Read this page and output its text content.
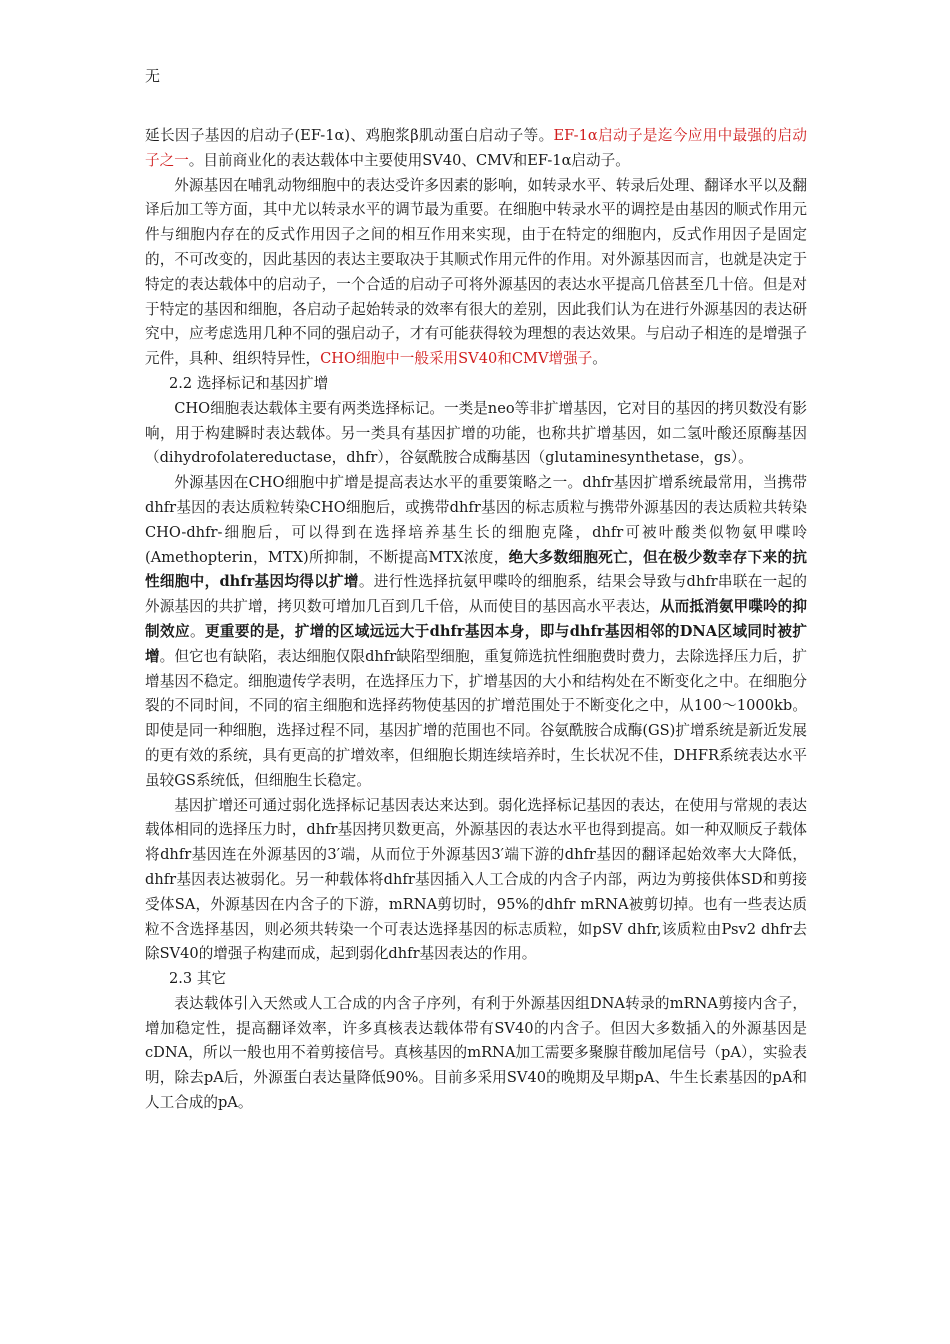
无

延长因子基因的启动子(EF-1α)、鸡胞浆β肌动蛋白启动子等。EF-1α启动子是迄今应用中最强的启动子之一。目前商业化的表达载体中主要使用SV40、CMV和EF-1α启动子。

外源基因在哺乳动物细胞中的表达受许多因素的影响，如转录水平、转录后处理、翻译水平以及翻译后加工等方面，其中尤以转录水平的调节最为重要。在细胞中转录水平的调控是由基因的顺式作用元件与细胞内存在的反式作用因子之间的相互作用来实现，由于在特定的细胞内，反式作用因子是固定的，不可改变的，因此基因的表达主要取决于其顺式作用元件的作用。对外源基因而言，也就是决定于特定的表达载体中的启动子，一个合适的启动子可将外源基因的表达水平提高几倍甚至几十倍。但是对于特定的基因和细胞，各启动子起始转录的效率有很大的差别，因此我们认为在进行外源基因的表达研究中，应考虑选用几种不同的强启动子，才有可能获得较为理想的表达效果。与启动子相连的是增强子元件，具种、组织特异性，CHO细胞中一般采用SV40和CMV增强子。

2.2 选择标记和基因扩增

CHO细胞表达载体主要有两类选择标记。一类是neo等非扩增基因，它对目的基因的拷贝数没有影响，用于构建瞬时表达载体。另一类具有基因扩增的功能，也称共扩增基因，如二氢叶酸还原酶基因（dihydrofolatereductase，dhfr），谷氨酰胺合成酶基因（glutaminesynthetase，gs）。

外源基因在CHO细胞中扩增是提高表达水平的重要策略之一。dhfr基因扩增系统最常用，当携带dhfr基因的表达质粒转染CHO细胞后，或携带dhfr基因的标志质粒与携带外源基因的表达质粒共转染CHO-dhfr-细胞后，可以得到在选择培养基生长的细胞克隆，dhfr可被叶酸类似物氨甲喋呤(Amethopterin，MTX)所抑制，不断提高MTX浓度，绝大多数细胞死亡，但在极少数幸存下来的抗性细胞中，dhfr基因均得以扩增。进行性选择抗氨甲喋呤的细胞系，结果会导致与dhfr串联在一起的外源基因的共扩增，拷贝数可增加几百到几千倍，从而使目的基因高水平表达，从而抵消氨甲喋呤的抑制效应。更重要的是，扩增的区域远远大于dhfr基因本身，即与dhfr基因相邻的DNA区域同时被扩增。但它也有缺陷，表达细胞仅限dhfr缺陷型细胞，重复筛选抗性细胞费时费力，去除选择压力后，扩增基因不稳定。细胞遗传学表明，在选择压力下，扩增基因的大小和结构处在不断变化之中。在细胞分裂的不同时间，不同的宿主细胞和选择药物使基因的扩增范围处于不断变化之中，从100～1000kb。即使是同一种细胞，选择过程不同，基因扩增的范围也不同。谷氨酰胺合成酶(GS)扩增系统是新近发展的更有效的系统，具有更高的扩增效率，但细胞长期连续培养时，生长状况不佳，DHFR系统表达水平虽较GS系统低，但细胞生长稳定。

基因扩增还可通过弱化选择标记基因表达来达到。弱化选择标记基因的表达，在使用与常规的表达载体相同的选择压力时，dhfr基因拷贝数更高，外源基因的表达水平也得到提高。如一种双顺反子载体将dhfr基因连在外源基因的3′端，从而位于外源基因3′端下游的dhfr基因的翻译起始效率大大降低，dhfr基因表达被弱化。另一种载体将dhfr基因插入人工合成的内含子内部，两边为剪接供体SD和剪接受体SA，外源基因在内含子的下游，mRNA剪切时，95%的dhfr mRNA被剪切掉。也有一些表达质粒不含选择基因，则必须共转染一个可表达选择基因的标志质粒，如pSV dhfr,该质粒由Psv2 dhfr去除SV40的增强子构建而成，起到弱化dhfr基因表达的作用。

2.3 其它

表达载体引入天然或人工合成的内含子序列，有利于外源基因组DNA转录的mRNA剪接内含子，增加稳定性，提高翻译效率，许多真核表达载体带有SV40的内含子。但因大多数插入的外源基因是cDNA，所以一般也用不着剪接信号。真核基因的mRNA加工需要多聚腺苷酸加尾信号（pA），实验表明，除去pA后，外源蛋白表达量降低90%。目前多采用SV40的晚期及早期pA、牛生长素基因的pA和人工合成的pA。
